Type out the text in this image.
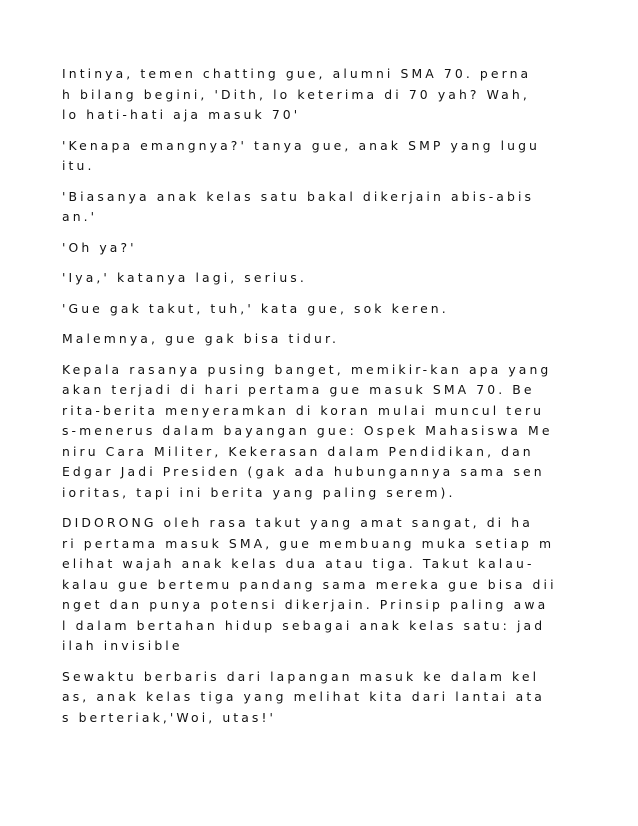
Intinya, temen chatting gue, alumni SMA 70. perna
h bilang begini, 'Dith, lo keterima di 70 yah? Wah,
lo hati-hati aja masuk 70'

'Kenapa emangnya?' tanya gue, anak SMP yang lugu
itu.

'Biasanya anak kelas satu bakal dikerjain abis-abis
an.'

'Oh ya?'

'Iya,' katanya lagi, serius.

'Gue gak takut, tuh,' kata gue, sok keren.

Malemnya, gue gak bisa tidur.

Kepala rasanya pusing banget, memikir-kan apa yang
akan terjadi di hari pertama gue masuk SMA 70. Be
rita-berita menyeramkan di koran mulai muncul teru
s-menerus dalam bayangan gue: Ospek Mahasiswa Me
niru Cara Militer, Kekerasan dalam Pendidikan, dan
Edgar Jadi Presiden (gak ada hubungannya sama sen
ioritas, tapi ini berita yang paling serem).

DIDORONG oleh rasa takut yang amat sangat, di ha
ri pertama masuk SMA, gue membuang muka setiap m
elihat wajah anak kelas dua atau tiga. Takut kalau-
kalau gue bertemu pandang sama mereka gue bisa dii
nget dan punya potensi dikerjain. Prinsip paling awa
l dalam bertahan hidup sebagai anak kelas satu: jad
ilah invisible

Sewaktu berbaris dari lapangan masuk ke dalam kel
as, anak kelas tiga yang melihat kita dari lantai ata
s berteriak,'Woi, utas!'
